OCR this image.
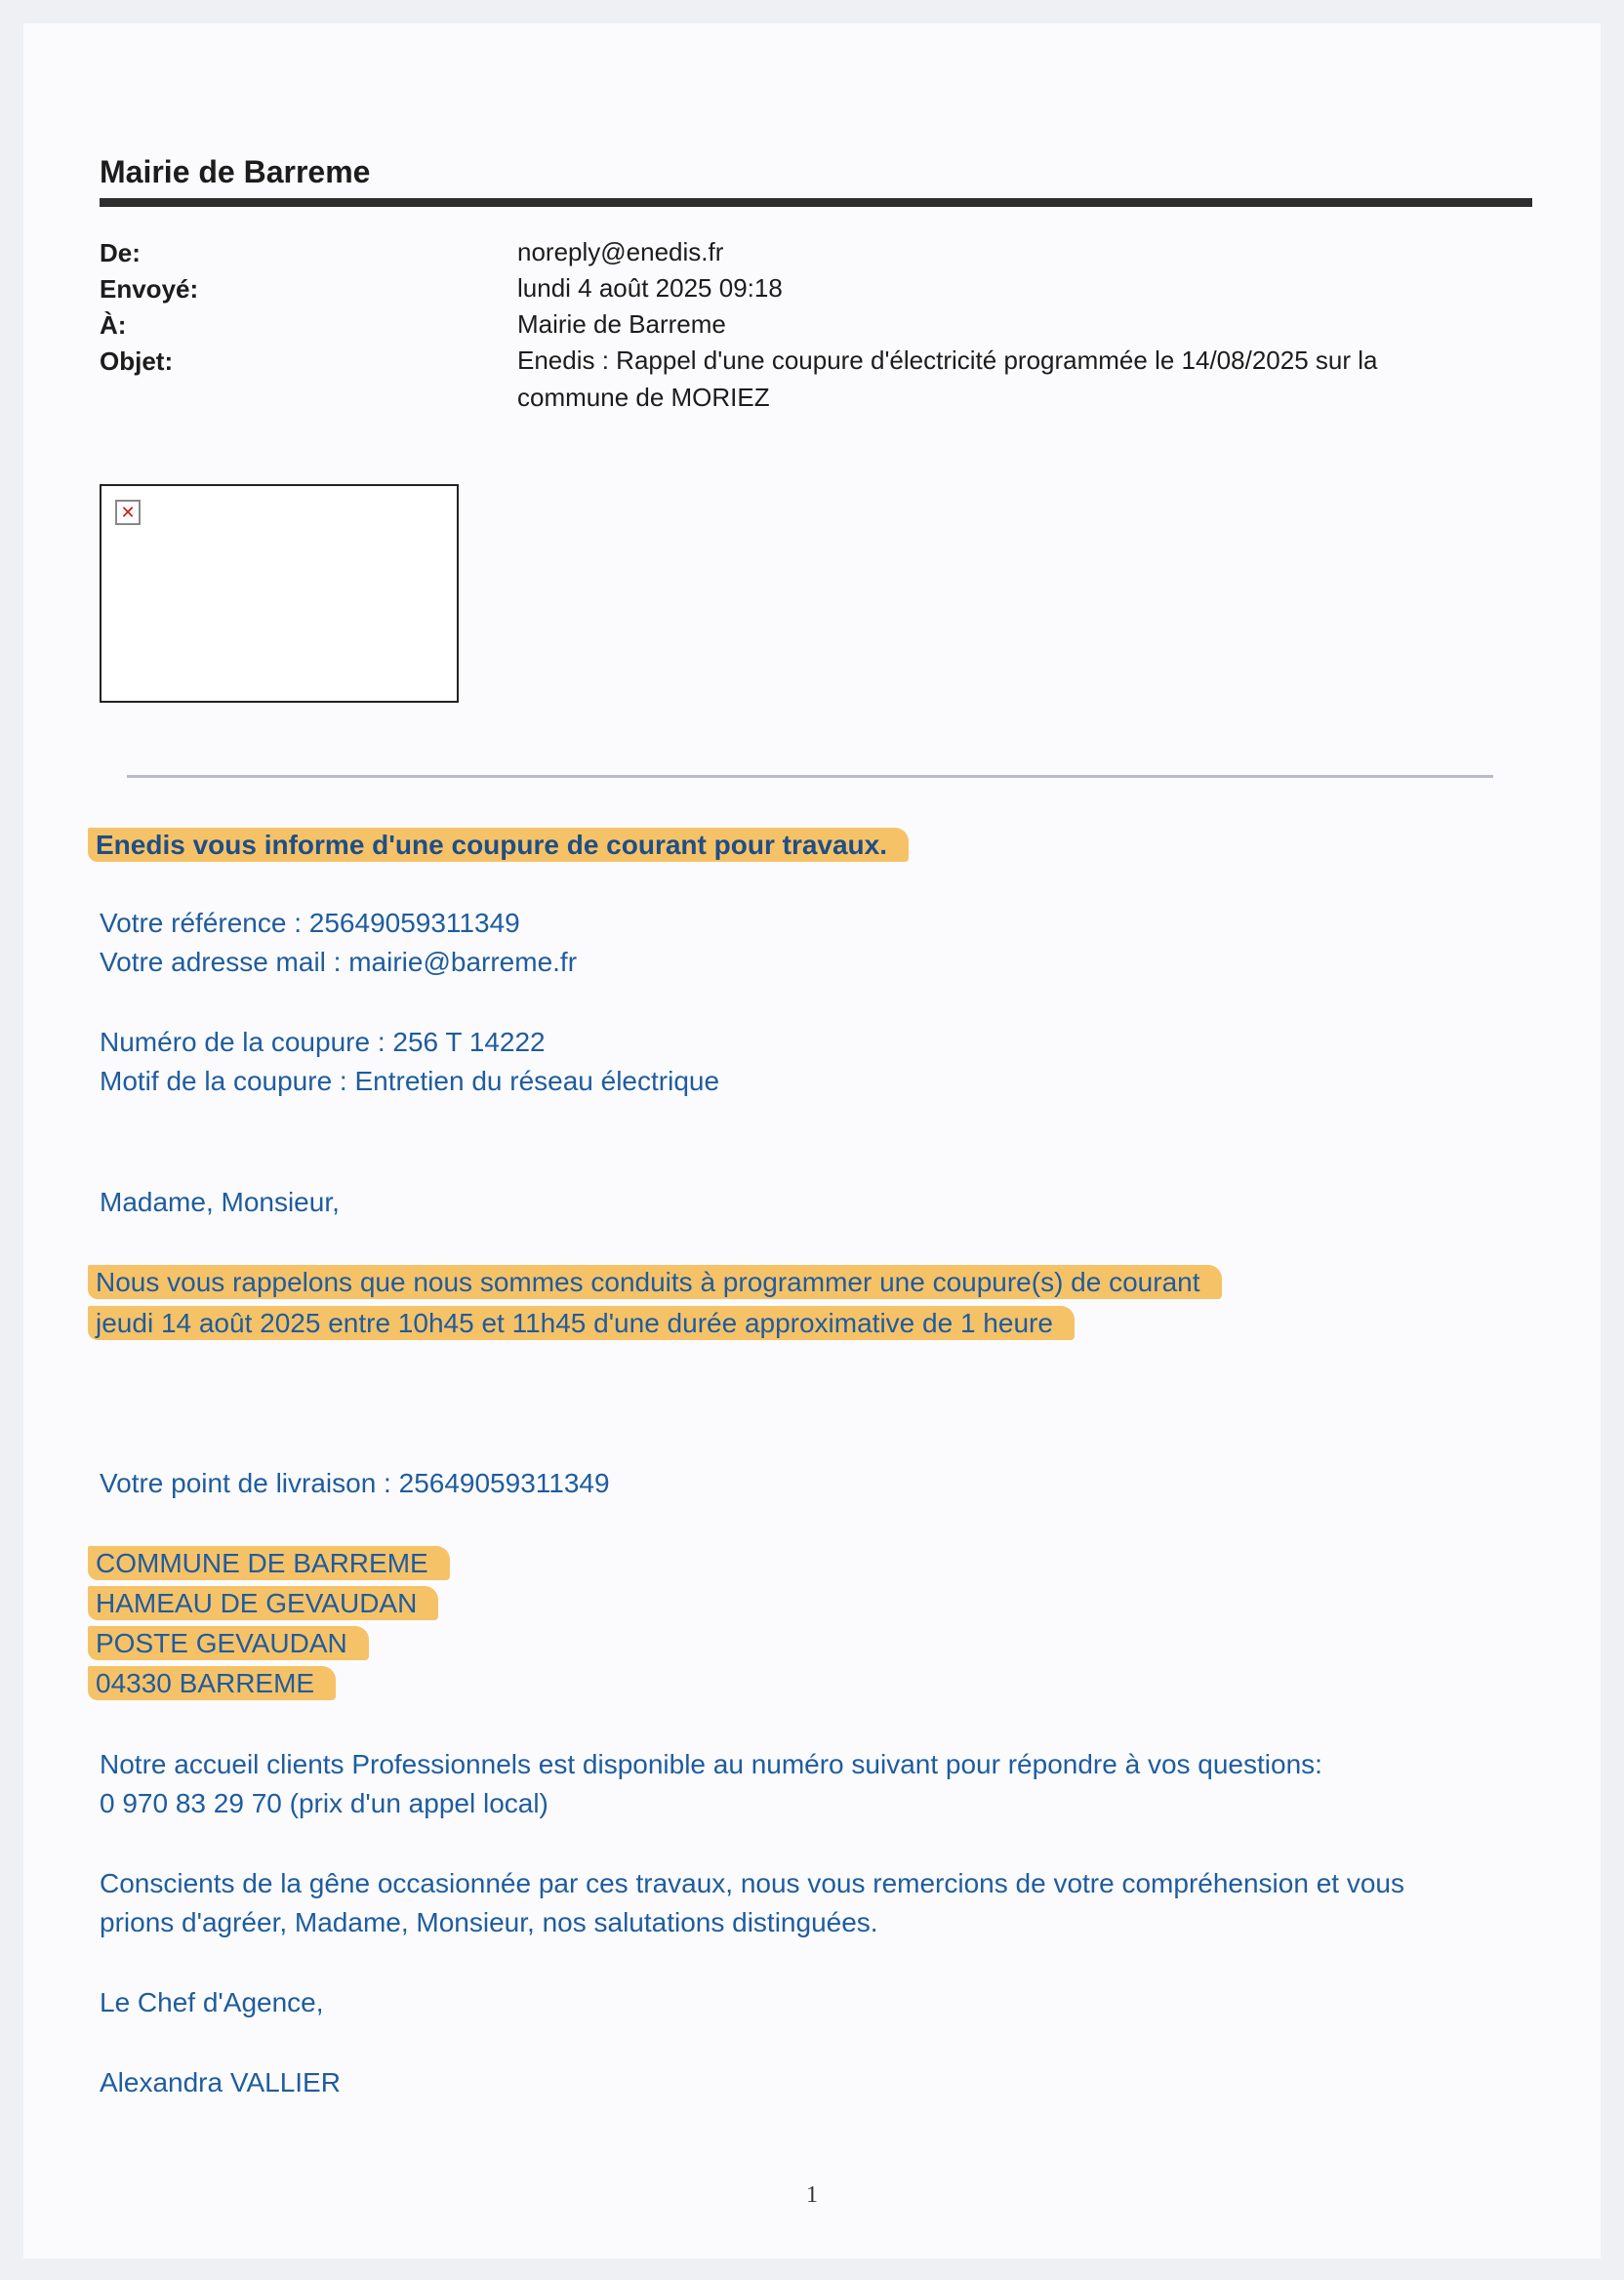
Mairie de Barreme
De:	noreply@enedis.fr
Envoyé:	lundi 4 août 2025 09:18
À:	Mairie de Barreme
Objet:	Enedis : Rappel d'une coupure d'électricité programmée le 14/08/2025 sur la
commune de MORIEZ
✕
Enedis vous informe d'une coupure de courant pour travaux.
Votre référence : 25649059311349
Votre adresse mail : mairie@barreme.fr
Numéro de la coupure : 256 T 14222
Motif de la coupure : Entretien du réseau électrique
Madame, Monsieur,
Nous vous rappelons que nous sommes conduits à programmer une coupure(s) de courant
jeudi 14 août 2025 entre 10h45 et 11h45 d'une durée approximative de 1 heure
Votre point de livraison : 25649059311349
COMMUNE DE BARREME
HAMEAU DE GEVAUDAN
POSTE GEVAUDAN
04330 BARREME
Notre accueil clients Professionnels est disponible au numéro suivant pour répondre à vos questions:
0 970 83 29 70 (prix d'un appel local)
Conscients de la gêne occasionnée par ces travaux, nous vous remercions de votre compréhension et vous
prions d'agréer, Madame, Monsieur, nos salutations distinguées.
Le Chef d'Agence,
Alexandra VALLIER
1
